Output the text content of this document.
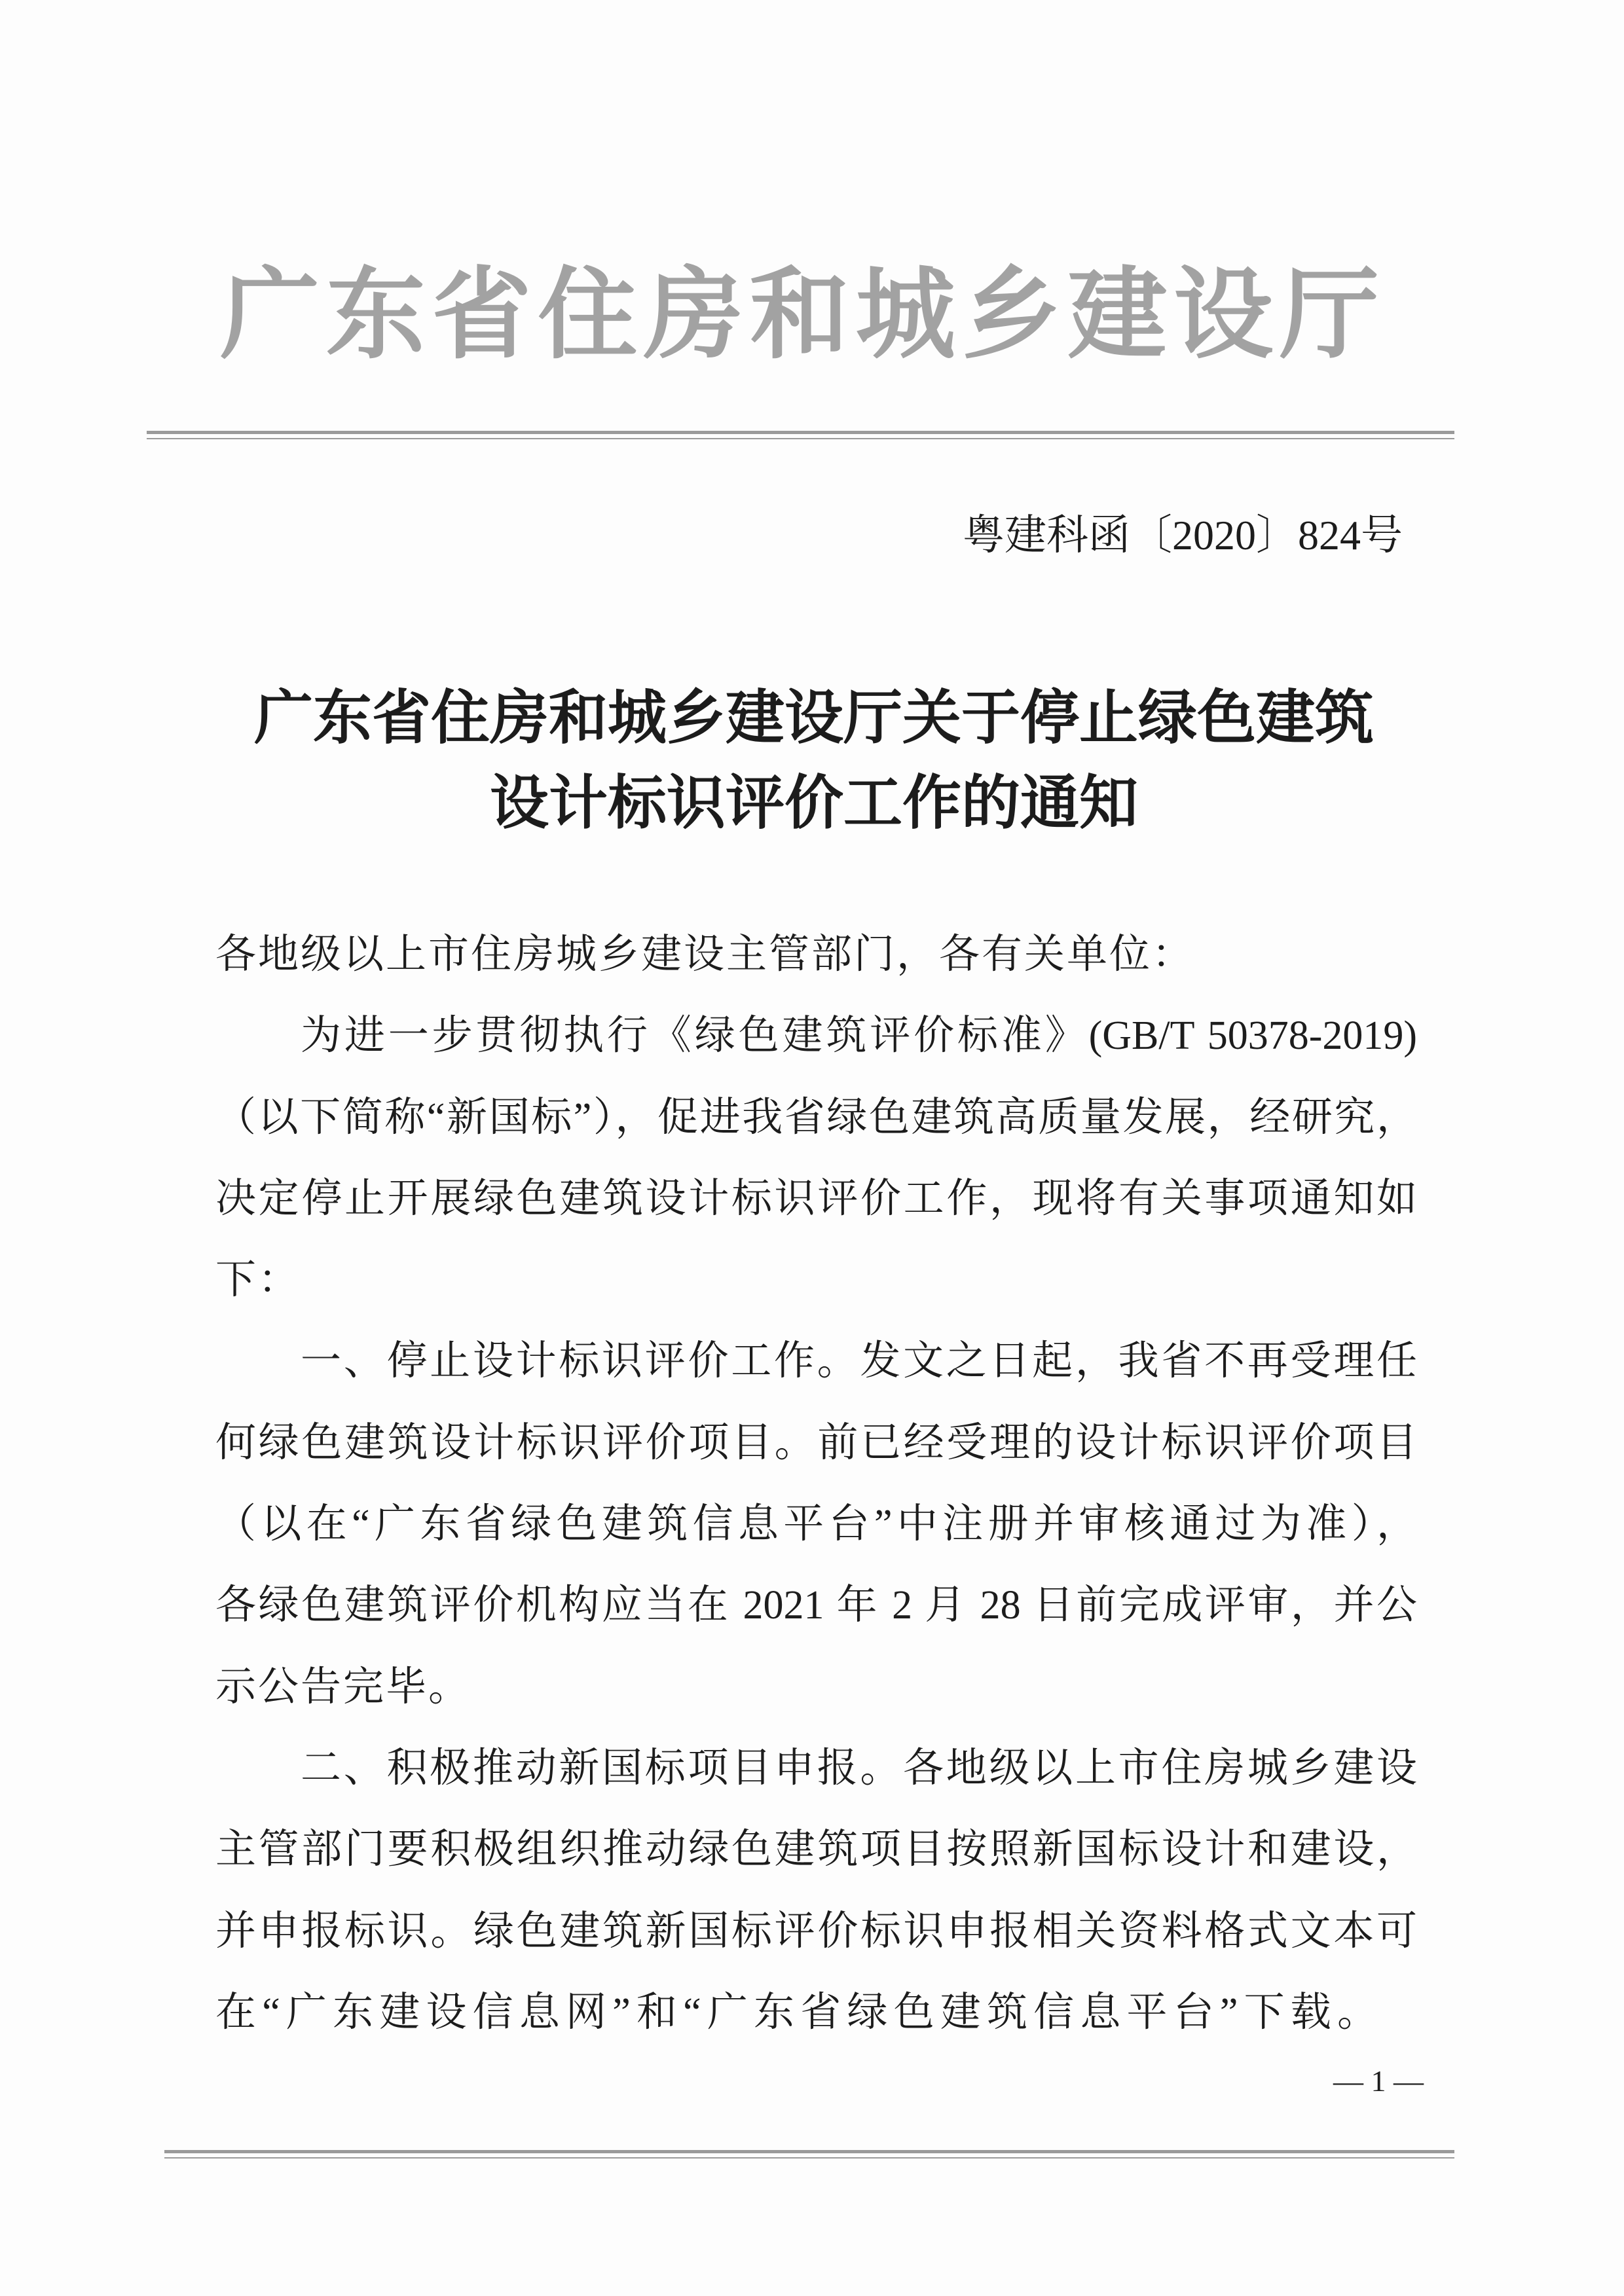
广东省住房和城乡建设厅
粤建科函〔2020〕824号
广东省住房和城乡建设厅关于停止绿色建筑
设计标识评价工作的通知
各地级以上市住房城乡建设主管部门，各有关单位：
为进一步贯彻执行《绿色建筑评价标准》(GB/T 50378-2019)
（以下简称“新国标”），促进我省绿色建筑高质量发展，经研究，
决定停止开展绿色建筑设计标识评价工作，现将有关事项通知如
下：
一、停止设计标识评价工作。发文之日起，我省不再受理任
何绿色建筑设计标识评价项目。前已经受理的设计标识评价项目
（以在“广东省绿色建筑信息平台”中注册并审核通过为准），
各绿色建筑评价机构应当在 2021 年 2 月 28 日前完成评审，并公
示公告完毕。
二、积极推动新国标项目申报。各地级以上市住房城乡建设
主管部门要积极组织推动绿色建筑项目按照新国标设计和建设，
并申报标识。绿色建筑新国标评价标识申报相关资料格式文本可
在“广东建设信息网”和“广东省绿色建筑信息平台”下载。
— 1 —
